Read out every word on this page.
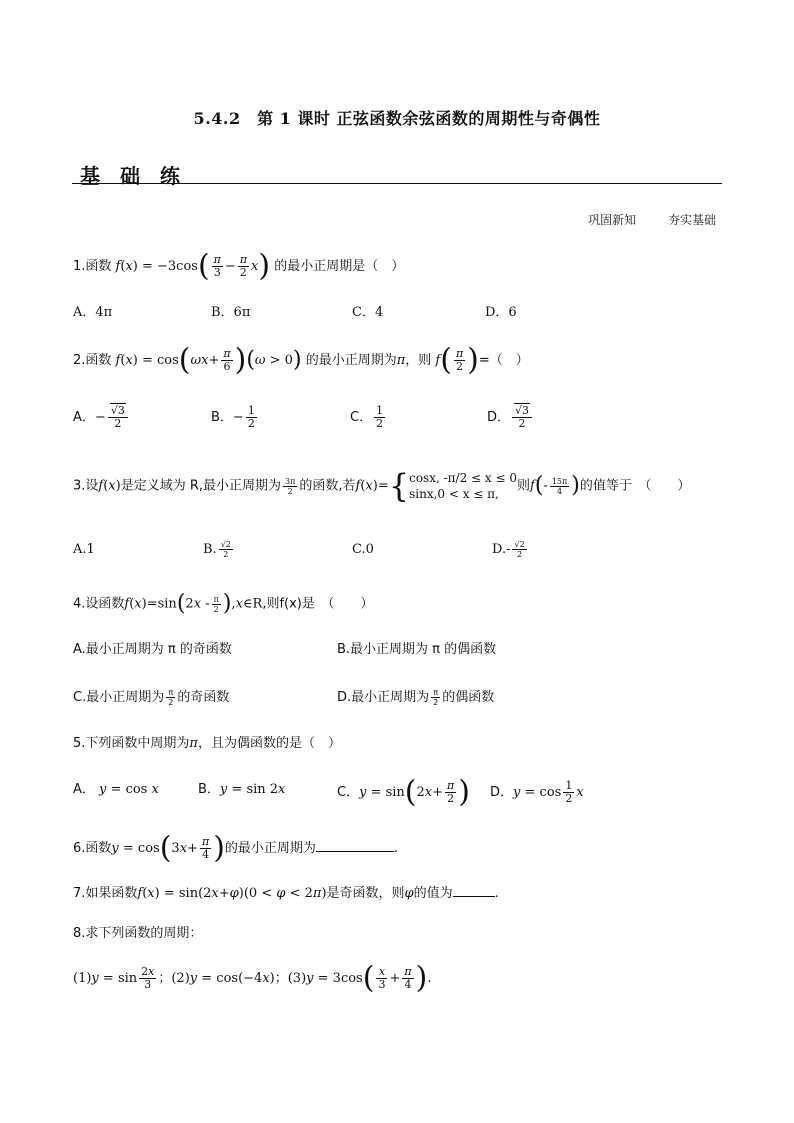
5.4.2　第 1 课时 正弦函数余弦函数的周期性与奇偶性
基础练
巩固新知	夯实基础
1.函数 $f(x) = -3\cos( \frac{\pi}{3} - \frac{\pi}{2} x)$ 的最小正周期是（　）
A．4π	B．6π	C．4	D．6
2.函数 $f(x) = \cos(\omega x+ \frac{\pi}{6} )(\omega > 0)$ 的最小正周期为π，则 $f( \frac{\pi}{2}$ )=（　）
A．− $\frac{√3}{2}$	B．− $\frac{1}{2}$	C． $\frac{1}{2}$	D． $\frac{√3}{2}$
3.设f(x)是定义域为 R,最小正周期为 $\frac{3\pi}{2}$ 的函数,若f(x)= { cosx, -π/2 ≤ x ≤ 0
sinx,0 < x ≤ π,
则$f(- \frac{15\pi}{4}$ )的值等于　（　　）
A.1	B. $\frac{√2}{2}$	C.0	$D.- \frac{√2}{2}$
4.设函数$f(x)=\sin(2x - \frac{\pi}{2}$ ),x∈R,则f(x)是　（　　）
A.最小正周期为 π 的奇函数	B.最小正周期为 π 的偶函数
C.最小正周期为 $\frac{\pi}{2}$ 的奇函数	D.最小正周期为 $\frac{\pi}{2}$ 的偶函数
5.下列函数中周期为π，且为偶函数的是（　）
A． y = cos x	B．y = sin 2x	C．$y = \sin(2x+ \frac{\pi}{2}$ ) D．$y = \cos \frac{1}{2}$ x
6.函数$y = \cos(3x+ \frac{\pi}{4}$ )的最小正周期为	.
7.如果函数f(x) = sin(2x+φ)(0 < φ < 2π)是奇函数，则φ的值为	.
8.求下列函数的周期：
$(1)y = \sin \frac{2x}{3}$ ；(2)y = cos(−4x)；$(3)y = 3\cos( \frac{x}{3} + \frac{\pi}{4}$ ).
